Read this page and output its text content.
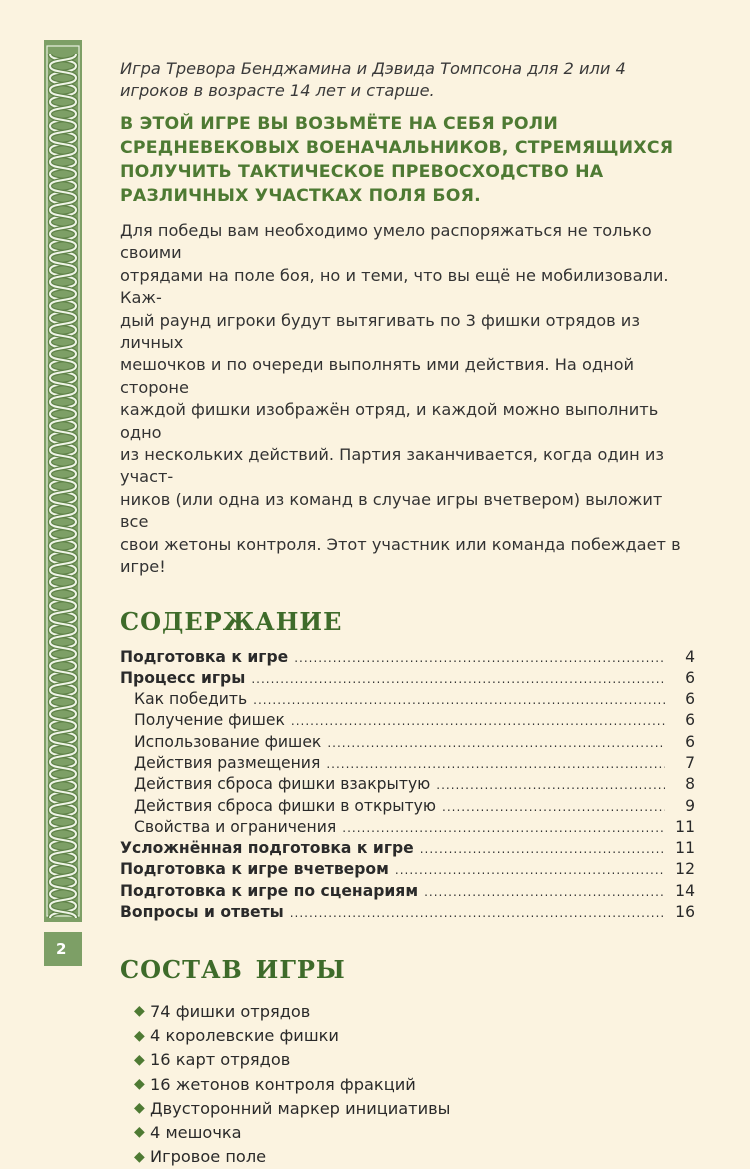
2

Игра Тревора Бенджамина и Дэвида Томпсона для 2 или 4 игроков в возрасте 14 лет и старше.

В ЭТОЙ ИГРЕ ВЫ ВОЗЬМЁТЕ НА СЕБЯ РОЛИ СРЕДНЕВЕКОВЫХ ВОЕНАЧАЛЬНИКОВ, СТРЕМЯЩИХСЯ ПОЛУЧИТЬ ТАКТИЧЕСКОЕ ПРЕВОСХОДСТВО НА РАЗЛИЧНЫХ УЧАСТКАХ ПОЛЯ БОЯ.

Для победы вам необходимо умело распоряжаться не только своими
отрядами на поле боя, но и теми, что вы ещё не мобилизовали. Каж-
дый раунд игроки будут вытягивать по 3 фишки отрядов из личных
мешочков и по очереди выполнять ими действия. На одной стороне
каждой фишки изображён отряд, и каждой можно выполнить одно
из нескольких действий. Партия заканчивается, когда один из участ-
ников (или одна из команд в случае игры вчетвером) выложит все
свои жетоны контроля. Этот участник или команда побеждает в игре!
содержание
Подготовка к игре .....	4
Процесс игры .....	6
Как победить .....	6
Получение фишек .....	6
Использование фишек .....	6
Действия размещения .....	7
Действия сброса фишки взакрытую .....	8
Действия сброса фишки в открытую .....	9
Свойства и ограничения .....	11
Усложнённая подготовка к игре .....	11
Подготовка к игре вчетвером .....	12
Подготовка к игре по сценариям .....	14
Вопросы и ответы .....	16
состав игры
◆ 74 фишки отрядов
◆ 4 королевские фишки
◆ 16 карт отрядов
◆ 16 жетонов контроля фракций
◆ Двусторонний маркер инициативы
◆ 4 мешочка
◆ Игровое поле
